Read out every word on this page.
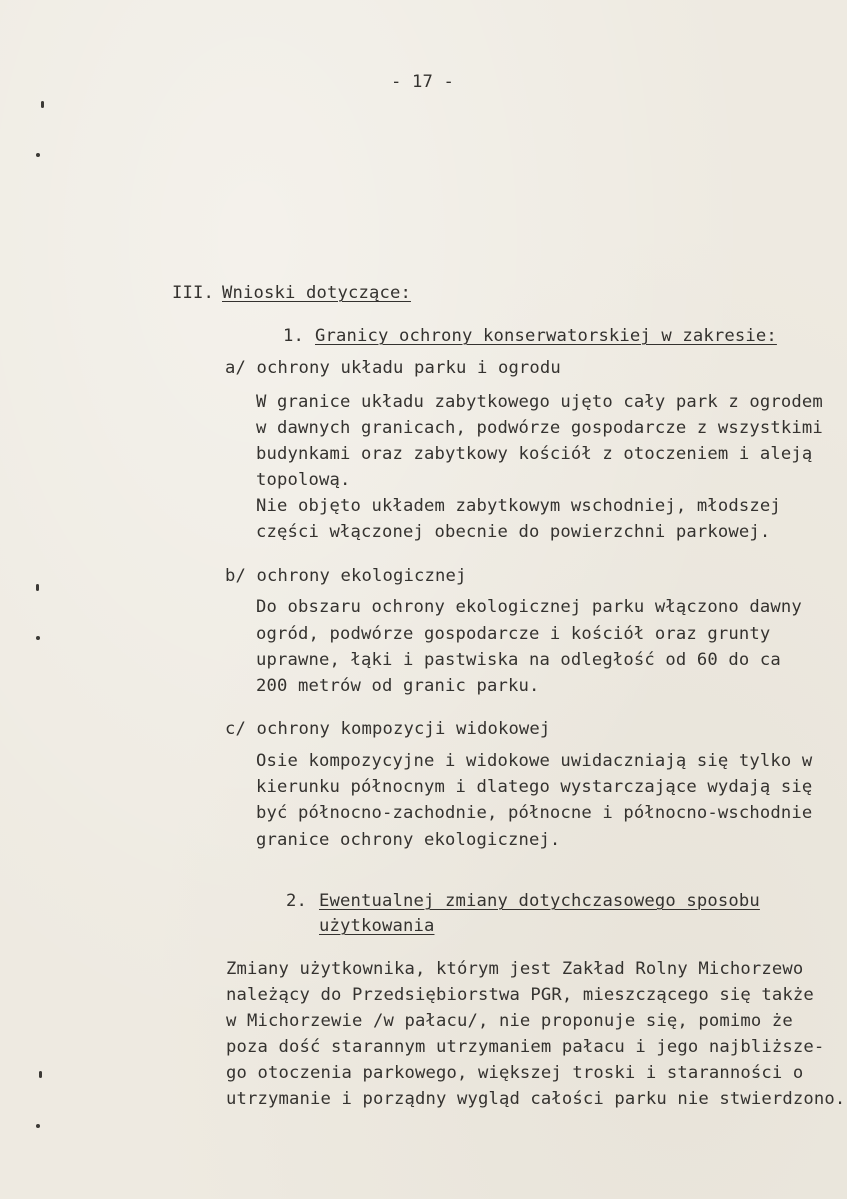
- 17 -
III. Wnioski dotyczące:
1. Granicy ochrony konserwatorskiej w zakresie:
a/ ochrony układu parku i ogrodu
W granice układu zabytkowego ujęto cały park z ogrodem
w dawnych granicach, podwórze gospodarcze z wszystkimi
budynkami oraz zabytkowy kościół z otoczeniem i aleją
topolową.
Nie objęto układem zabytkowym wschodniej, młodszej
części włączonej obecnie do powierzchni parkowej.
b/ ochrony ekologicznej
Do obszaru ochrony ekologicznej parku włączono dawny
ogród, podwórze gospodarcze i kościół oraz grunty
uprawne, łąki i pastwiska na odległość od 60 do ca
200 metrów od granic parku.
c/ ochrony kompozycji widokowej
Osie kompozycyjne i widokowe uwidaczniają się tylko w
kierunku północnym i dlatego wystarczające wydają się
być północno-zachodnie, północne i północno-wschodnie
granice ochrony ekologicznej.
2. Ewentualnej zmiany dotychczasowego sposobu
użytkowania
Zmiany użytkownika, którym jest Zakład Rolny Michorzewo
należący do Przedsiębiorstwa PGR, mieszczącego się także
w Michorzewie /w pałacu/, nie proponuje się, pomimo że
poza dość starannym utrzymaniem pałacu i jego najbliższe-
go otoczenia parkowego, większej troski i staranności o
utrzymanie i porządny wygląd całości parku nie stwierdzono.
